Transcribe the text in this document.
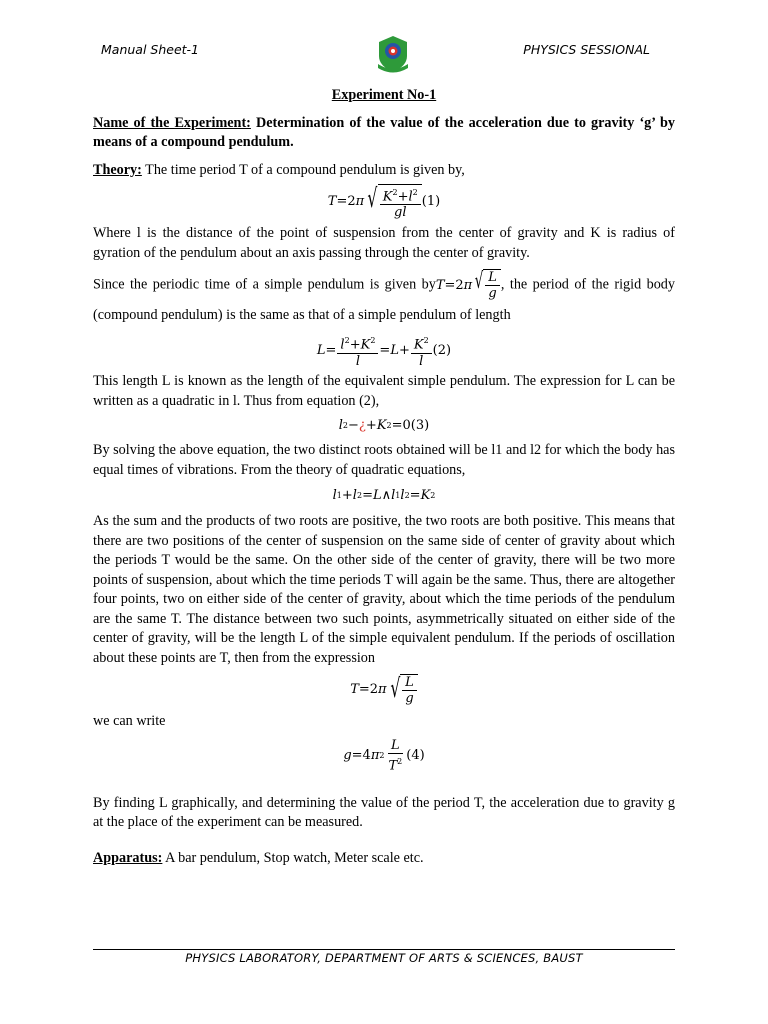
Manual Sheet-1	PHYSICS SESSIONAL

Experiment No-1

Name of the Experiment: Determination of the value of the acceleration due to gravity ‘g’ by means of a compound pendulum.

Theory: The time period T of a compound pendulum is given by,

T =2 π √ $\frac{K^2+l^2}{gl}$ ( 1 )

Where l is the distance of the point of suspension from the center of gravity and K is radius of gyration of the pendulum about an axis passing through the center of gravity.

Since the periodic time of a simple pendulum is given by T =2 π √ $\frac{L}{g}$ , the period of the rigid body (compound pendulum) is the same as that of a simple pendulum of length

$L = \frac{l^2+K^2}{l} = L + \frac{K^2}{l}$ ( 2 )

This length L is known as the length of the equivalent simple pendulum. The expression for L can be written as a quadratic in l. Thus from equation (2),

l 2 − ¿ + K 2 =0( 3 )

By solving the above equation, the two distinct roots obtained will be l1 and l2 for which the body has equal times of vibrations. From the theory of quadratic equations,

l 1 + l 2 = L ∧ l 1 l 2 = K 2

As the sum and the products of two roots are positive, the two roots are both positive. This means that there are two positions of the center of suspension on the same side of center of gravity about which the periods T would be the same. On the other side of the center of gravity, there will be two more points of suspension, about which the time periods T will again be the same. Thus, there are altogether four points, two on either side of the center of gravity, about which the time periods of the pendulum are the same T. The distance between two such points, asymmetrically situated on either side of the center of gravity, will be the length L of the simple equivalent pendulum. If the periods of oscillation about these points are T, then from the expression

T =2 π √ $\frac{L}{g}$

we can write

g =4 π $2 \frac{L}{T^2}$ ( 4 )

By finding L graphically, and determining the value of the period T, the acceleration due to gravity g at the place of the experiment can be measured.

Apparatus: A bar pendulum, Stop watch, Meter scale etc.

PHYSICS LABORATORY, DEPARTMENT OF ARTS & SCIENCES, BAUST
